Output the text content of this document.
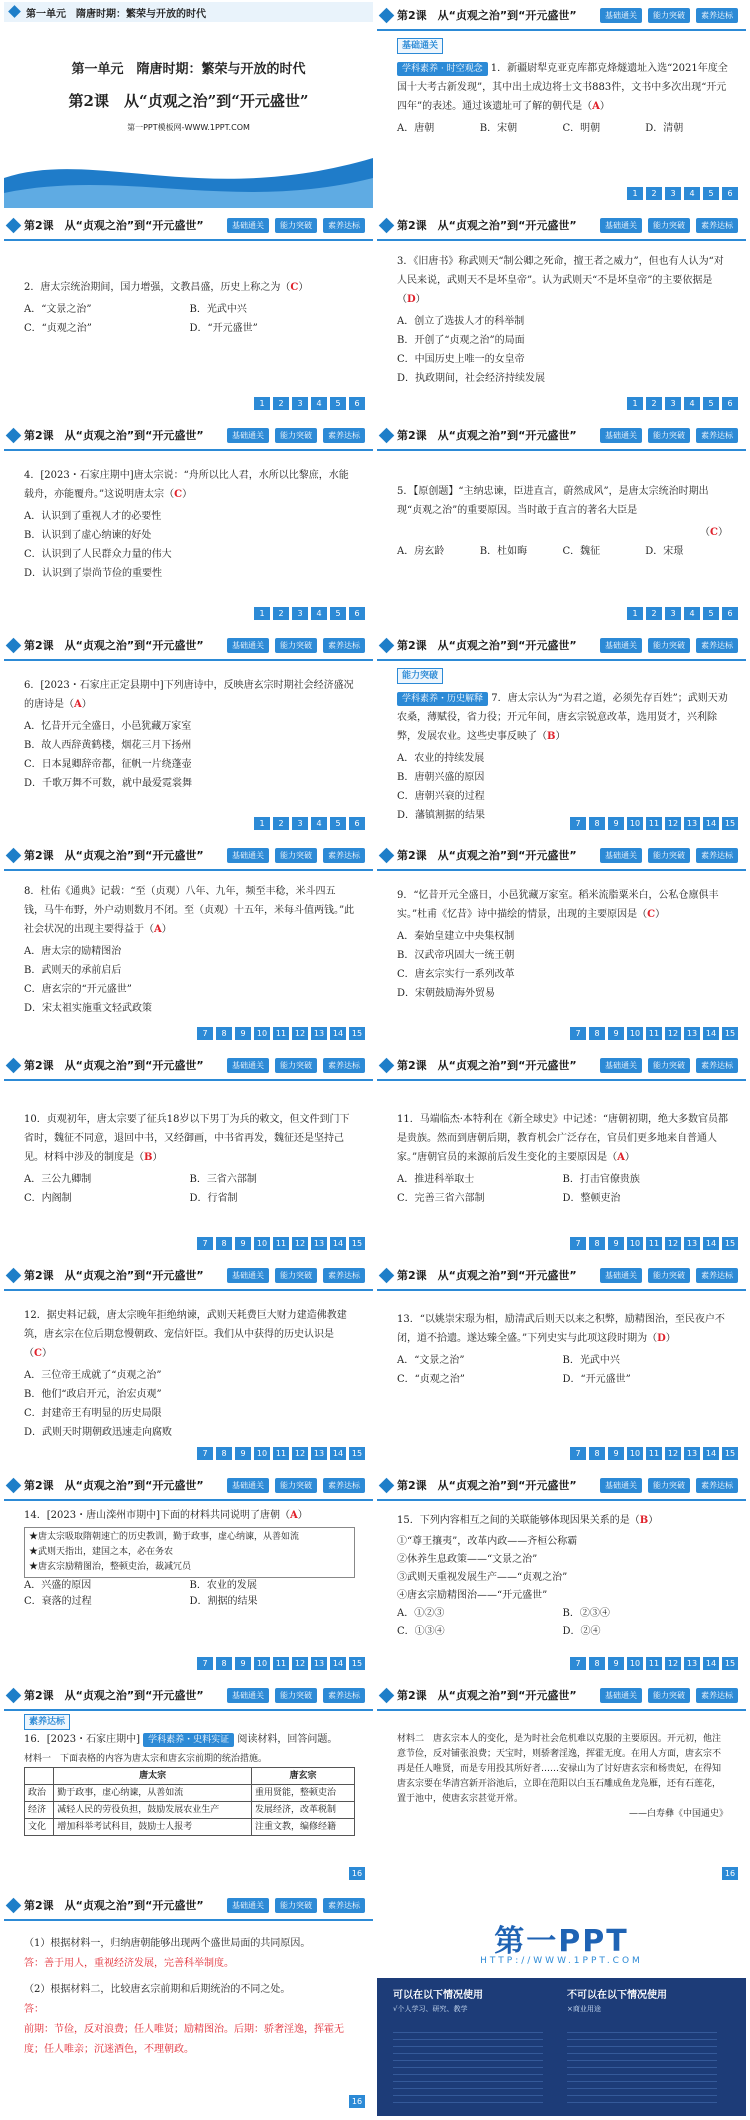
第一单元　隋唐时期：繁荣与开放的时代
第一单元　隋唐时期：繁荣与开放的时代
第2课　从“贞观之治”到“开元盛世”
第一PPT模板网-WWW.1PPT.COM
第2课　从“贞观之治”到“开元盛世”	基础通关	能力突破	素养达标
基础通关
学科素养 · 时空观念 1．新疆尉犁克亚克库都克烽燧遗址入选“2021年度全国十大考古新发现”，其中出土成边将士文书883件，文书中多次出现“开元四年”的表述。通过该遗址可了解的朝代是（A）
A．唐朝	B．宋朝	C．明朝	D．清朝
1	2	3	4	5	6
第2课　从“贞观之治”到“开元盛世”	基础通关	能力突破	素养达标
2．唐太宗统治期间，国力增强，文教昌盛，历史上称之为（C）
A．“文景之治”	B．光武中兴
C．“贞观之治”	D．“开元盛世”
1	2	3	4	5	6
第2课　从“贞观之治”到“开元盛世”	基础通关	能力突破	素养达标
3．《旧唐书》称武则天“制公卿之死命，擅王者之威力”，但也有人认为“对人民来说，武则天不是坏皇帝”。认为武则天“不是坏皇帝”的主要依据是（D）
A．创立了选拔人才的科举制
B．开创了“贞观之治”的局面
C．中国历史上唯一的女皇帝
D．执政期间，社会经济持续发展
1	2	3	4	5	6
第2课　从“贞观之治”到“开元盛世”	基础通关	能力突破	素养达标
4．[2023・石家庄期中]唐太宗说：“舟所以比人君，水所以比黎庶，水能载舟，亦能覆舟。”这说明唐太宗（C）
A．认识到了重视人才的必要性
B．认识到了虚心纳谏的好处
C．认识到了人民群众力量的伟大
D．认识到了崇尚节俭的重要性
1	2	3	4	5	6
第2课　从“贞观之治”到“开元盛世”	基础通关	能力突破	素养达标
5．【原创题】“主纳忠谏，臣进直言，蔚然成风”，是唐太宗统治时期出现“贞观之治”的重要原因。当时敢于直言的著名大臣是
（C）
A．房玄龄	B．杜如晦	C．魏征	D．宋璟
1	2	3	4	5	6
第2课　从“贞观之治”到“开元盛世”	基础通关	能力突破	素养达标
6．[2023・石家庄正定县期中]下列唐诗中，反映唐玄宗时期社会经济盛况的唐诗是（A）
A．忆昔开元全盛日，小邑犹藏万家室
B．故人西辞黄鹤楼，烟花三月下扬州
C．日本晁卿辞帝都，征帆一片绕蓬壶
D．千歌万舞不可数，就中最爱霓裳舞
1	2	3	4	5	6
第2课　从“贞观之治”到“开元盛世”	基础通关	能力突破	素养达标
能力突破
学科素养・历史解释 7．唐太宗认为“为君之道，必须先存百姓”；武则天劝农桑，薄赋役，省力役；开元年间，唐玄宗锐意改革，选用贤才，兴利除弊，发展农业。这些史事反映了（B）
A．农业的持续发展
B．唐朝兴盛的原因
C．唐朝兴衰的过程
D．藩镇割据的结果
7	8	9	10	11	12	13	14	15
第2课　从“贞观之治”到“开元盛世”	基础通关	能力突破	素养达标
8．杜佑《通典》记载：“至（贞观）八年、九年，频至丰稔，米斗四五钱，马牛布野，外户动则数月不闭。至（贞观）十五年，米每斗值两钱。”此社会状况的出现主要得益于（A）
A．唐太宗的励精图治
B．武则天的承前启后
C．唐玄宗的“开元盛世”
D．宋太祖实施重文轻武政策
7	8	9	10	11	12	13	14	15
第2课　从“贞观之治”到“开元盛世”	基础通关	能力突破	素养达标
9．“忆昔开元全盛日，小邑犹藏万家室。稻米流脂粟米白，公私仓廪俱丰实。”杜甫《忆昔》诗中描绘的情景，出现的主要原因是（C）
A．秦始皇建立中央集权制
B．汉武帝巩固大一统王朝
C．唐玄宗实行一系列改革
D．宋朝鼓励海外贸易
7	8	9	10	11	12	13	14	15
第2课　从“贞观之治”到“开元盛世”	基础通关	能力突破	素养达标
10．贞观初年，唐太宗要了征兵18岁以下男丁为兵的敕文，但文件到门下省时，魏征不同意，退回中书，又经御画，中书省再发，魏征还是坚持己见。材料中涉及的制度是（B）
A．三公九卿制	B．三省六部制
C．内阁制	D．行省制
7	8	9	10	11	12	13	14	15
第2课　从“贞观之治”到“开元盛世”	基础通关	能力突破	素养达标
11．马端临杰·本特利在《新全球史》中记述：“唐朝初期，绝大多数官员都是贵族。然而到唐朝后期，教育机会广泛存在，官员们更多地来自普通人家。”唐朝官员的来源前后发生变化的主要原因是（A）
A．推进科举取士	B．打击官僚贵族
C．完善三省六部制	D．整顿吏治
7	8	9	10	11	12	13	14	15
第2课　从“贞观之治”到“开元盛世”	基础通关	能力突破	素养达标
12．据史料记载，唐太宗晚年拒绝纳谏，武则天耗费巨大财力建造佛教建筑，唐玄宗在位后期怠慢朝政、宠信奸臣。我们从中获得的历史认识是（C）
A．三位帝王成就了“贞观之治”
B．他们“政启开元，治宏贞观”
C．封建帝王有明显的历史局限
D．武则天时期朝政迅速走向腐败
7	8	9	10	11	12	13	14	15
第2课　从“贞观之治”到“开元盛世”	基础通关	能力突破	素养达标
13．“以姚崇宋璟为相，励清武后则天以来之积弊，励精图治，至民夜户不闭，道不拾遗。遂达臻全盛。”下列史实与此项这段时期为（D）
A．“文景之治”	B．光武中兴
C．“贞观之治”	D．“开元盛世”
7	8	9	10	11	12	13	14	15
第2课　从“贞观之治”到“开元盛世”	基础通关	能力突破	素养达标
14．[2023・唐山滦州市期中]下面的材料共同说明了唐朝（A）
★唐太宗吸取隋朝速亡的历史教训，勤于政事，虚心纳谏，从善如流
★武则天指出，建国之本，必在务农
★唐玄宗励精图治，整顿吏治，裁减冗员
A．兴盛的原因	B．农业的发展
C．衰落的过程	D．割据的结果
7	8	9	10	11	12	13	14	15
第2课　从“贞观之治”到“开元盛世”	基础通关	能力突破	素养达标
15．下列内容相互之间的关联能够体现因果关系的是（B）
①“尊王攘夷”，改革内政——齐桓公称霸
②休养生息政策——“文景之治”
③武则天重视发展生产——“贞观之治”
④唐玄宗励精图治——“开元盛世”
A．①②③	B．②③④
C．①③④	D．②④
7	8	9	10	11	12	13	14	15
第2课　从“贞观之治”到“开元盛世”	基础通关	能力突破	素养达标
素养达标
16．[2023・石家庄期中] 学科素养・史料实证 阅读材料，回答问题。
材料一　下面表格的内容为唐太宗和唐玄宗前期的统治措施。
	唐太宗	唐玄宗
政治	勤于政事，虚心纳谏，从善如流	重用贤能，整顿吏治
经济	减轻人民的劳役负担，鼓励发展农业生产	发展经济，改革税制
文化	增加科举考试科目，鼓励士人报考	注重文教，编修经籍
16
第2课　从“贞观之治”到“开元盛世”	基础通关	能力突破	素养达标
材料二　唐玄宗本人的变化，是为时社会危机难以克服的主要原因。开元初，他注意节俭，反对铺张浪费；天宝时，则骄奢淫逸，挥霍无度。在用人方面，唐玄宗不再是任人唯贤，而是专用投其所好者……安禄山为了讨好唐玄宗和杨贵妃，在得知唐玄宗要在华清宫新开浴池后，立即在范阳以白玉石雕成鱼龙凫雁，还有石莲花，置于池中，使唐玄宗甚觉开常。
——白寿彝《中国通史》
16
第2课　从“贞观之治”到“开元盛世”	基础通关	能力突破	素养达标
（1）根据材料一，归纳唐朝能够出现两个盛世局面的共同原因。
答：善于用人，重视经济发展，完善科举制度。
（2）根据材料二，比较唐玄宗前期和后期统治的不同之处。
答：
前期：节俭，反对浪费；任人唯贤；励精图治。后期：骄奢淫逸，挥霍无度；任人唯亲；沉迷酒色，不理朝政。
16
第一PPT
HTTP://WWW.1PPT.COM
可以在以下情况使用	不可以在以下情况使用
√个人学习、研究、教学	×商业用途
